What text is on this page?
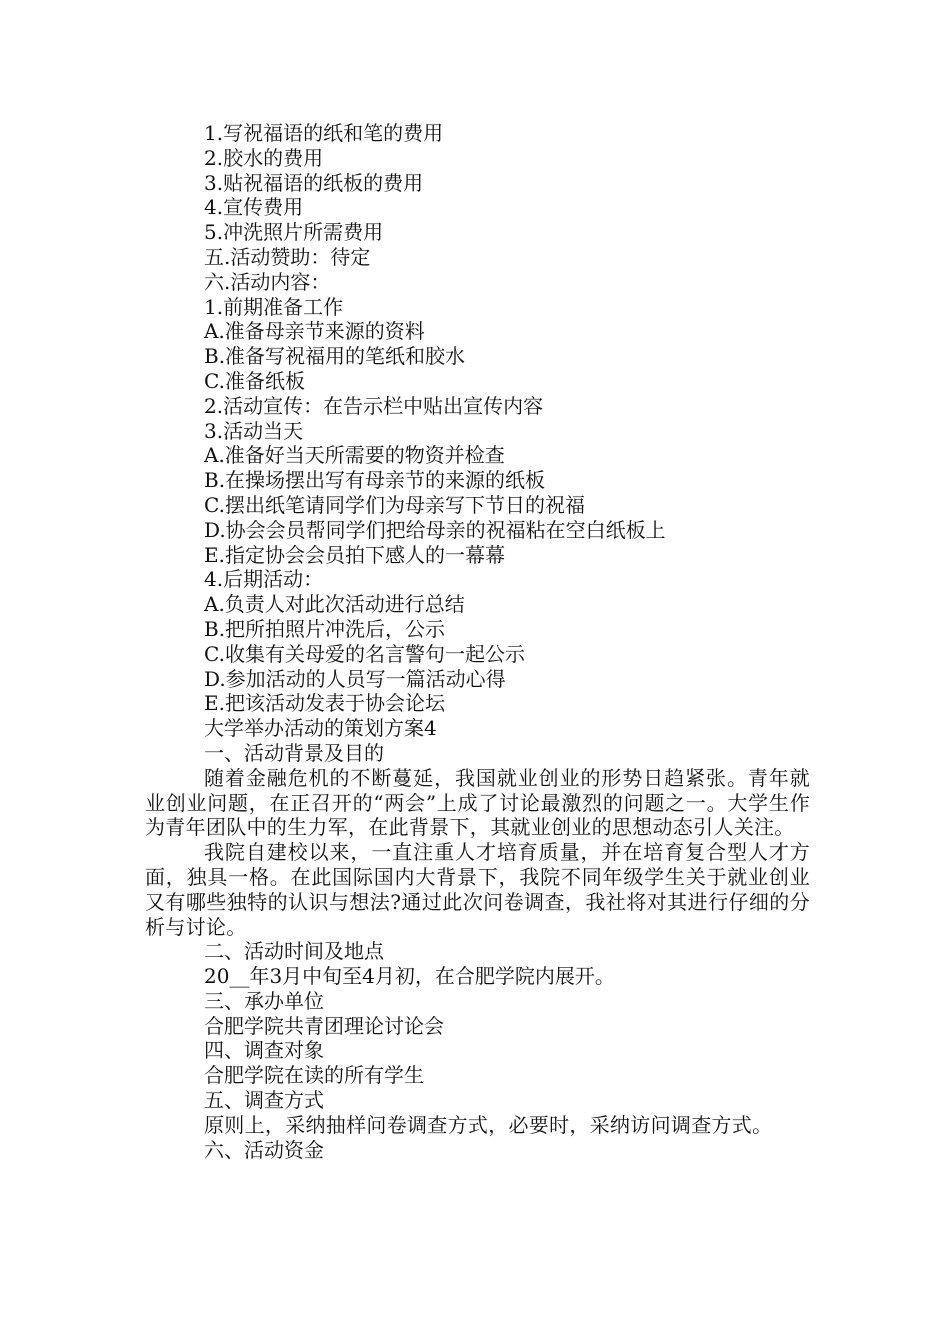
1.写祝福语的纸和笔的费用

2.胶水的费用

3.贴祝福语的纸板的费用

4.宣传费用

5.冲洗照片所需费用

五.活动赞助：待定

六.活动内容：

1.前期准备工作

A.准备母亲节来源的资料

B.准备写祝福用的笔纸和胶水

C.准备纸板

2.活动宣传：在告示栏中贴出宣传内容

3.活动当天

A.准备好当天所需要的物资并检查

B.在操场摆出写有母亲节的来源的纸板

C.摆出纸笔请同学们为母亲写下节日的祝福

D.协会会员帮同学们把给母亲的祝福粘在空白纸板上

E.指定协会会员拍下感人的一幕幕

4.后期活动：

A.负责人对此次活动进行总结

B.把所拍照片冲洗后，公示

C.收集有关母爱的名言警句一起公示

D.参加活动的人员写一篇活动心得

E.把该活动发表于协会论坛

大学举办活动的策划方案4

一、活动背景及目的

随着金融危机的不断蔓延，我国就业创业的形势日趋紧张。青年就业创业问题，在正召开的“两会”上成了讨论最激烈的问题之一。大学生作为青年团队中的生力军，在此背景下，其就业创业的思想动态引人关注。

我院自建校以来，一直注重人才培育质量，并在培育复合型人才方面，独具一格。在此国际国内大背景下，我院不同年级学生关于就业创业又有哪些独特的认识与想法?通过此次问卷调查，我社将对其进行仔细的分析与讨论。

二、活动时间及地点

20__年3月中旬至4月初，在合肥学院内展开。

三、承办单位

合肥学院共青团理论讨论会

四、调查对象

合肥学院在读的所有学生

五、调查方式

原则上，采纳抽样问卷调查方式，必要时，采纳访问调查方式。

六、活动资金
